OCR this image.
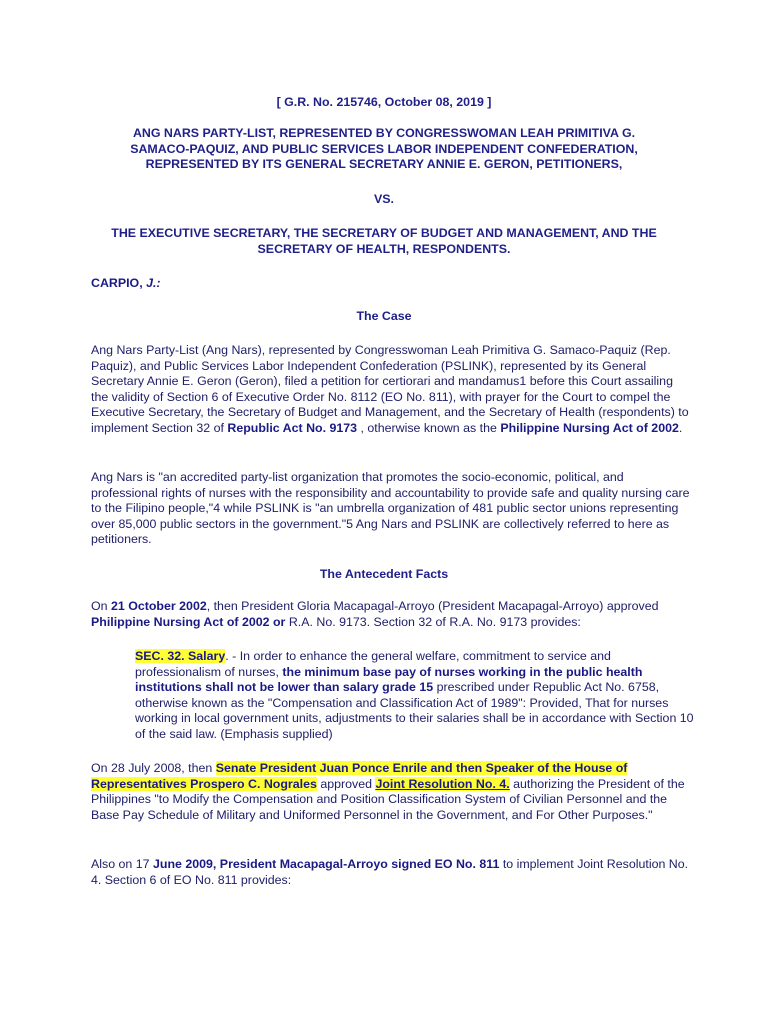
[ G.R. No. 215746, October 08, 2019 ]
ANG NARS PARTY-LIST, REPRESENTED BY CONGRESSWOMAN LEAH PRIMITIVA G.
SAMACO-PAQUIZ, AND PUBLIC SERVICES LABOR INDEPENDENT CONFEDERATION,
REPRESENTED BY ITS GENERAL SECRETARY ANNIE E. GERON, PETITIONERS,
VS.
THE EXECUTIVE SECRETARY, THE SECRETARY OF BUDGET AND MANAGEMENT, AND THE
SECRETARY OF HEALTH, RESPONDENTS.
CARPIO, J.:
The Case
Ang Nars Party-List (Ang Nars), represented by Congresswoman Leah Primitiva G. Samaco-Paquiz (Rep. Paquiz), and Public Services Labor Independent Confederation (PSLINK), represented by its General Secretary Annie E. Geron (Geron), filed a petition for certiorari and mandamus1 before this Court assailing the validity of Section 6 of Executive Order No. 8112 (EO No. 811), with prayer for the Court to compel the Executive Secretary, the Secretary of Budget and Management, and the Secretary of Health (respondents) to implement Section 32 of Republic Act No. 9173 , otherwise known as the Philippine Nursing Act of 2002.
Ang Nars is "an accredited party-list organization that promotes the socio-economic, political, and professional rights of nurses with the responsibility and accountability to provide safe and quality nursing care to the Filipino people,"4 while PSLINK is "an umbrella organization of 481 public sector unions representing over 85,000 public sectors in the government."5 Ang Nars and PSLINK are collectively referred to here as petitioners.
The Antecedent Facts
On 21 October 2002, then President Gloria Macapagal-Arroyo (President Macapagal-Arroyo) approved Philippine Nursing Act of 2002 or R.A. No. 9173. Section 32 of R.A. No. 9173 provides:
SEC. 32. Salary. - In order to enhance the general welfare, commitment to service and professionalism of nurses, the minimum base pay of nurses working in the public health institutions shall not be lower than salary grade 15 prescribed under Republic Act No. 6758, otherwise known as the "Compensation and Classification Act of 1989": Provided, That for nurses working in local government units, adjustments to their salaries shall be in accordance with Section 10 of the said law. (Emphasis supplied)
On 28 July 2008, then Senate President Juan Ponce Enrile and then Speaker of the House of Representatives Prospero C. Nograles approved Joint Resolution No. 4. authorizing the President of the Philippines "to Modify the Compensation and Position Classification System of Civilian Personnel and the Base Pay Schedule of Military and Uniformed Personnel in the Government, and For Other Purposes."
Also on 17 June 2009, President Macapagal-Arroyo signed EO No. 811 to implement Joint Resolution No. 4. Section 6 of EO No. 811 provides:
